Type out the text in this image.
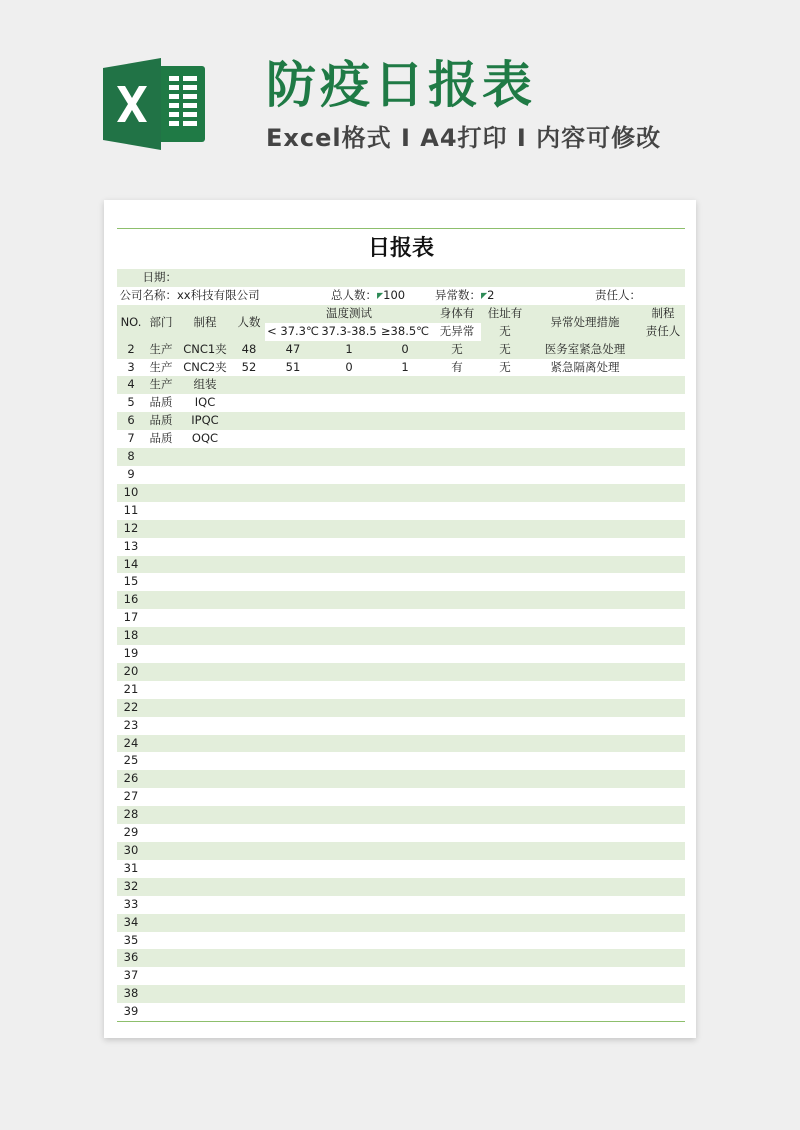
防疫日报表
Excel格式 I A4打印 I 内容可修改
日报表
日期：										
公司名称：		xx科技有限公司		总人数：		◤100	异常数：	◤2	责任人：	
NO.	部门	制程	人数	温度测试			身体有	住址有	异常处理措施	制程
				< 37.3℃	37.3-38.5	≥38.5℃	无异常	无		责任人
2	生产	CNC1夹	48	47	1	0	无	无	医务室紧急处理	
3	生产	CNC2夹	52	51	0	1	有	无	紧急隔离处理	
4	生产	组装								
5	品质	IQC								
6	品质	IPQC								
7	品质	OQC								
8										
9										
10										
11										
12										
13										
14										
15										
16										
17										
18										
19										
20										
21										
22										
23										
24										
25										
26										
27										
28										
29										
30										
31										
32										
33										
34										
35										
36										
37										
38										
39										
